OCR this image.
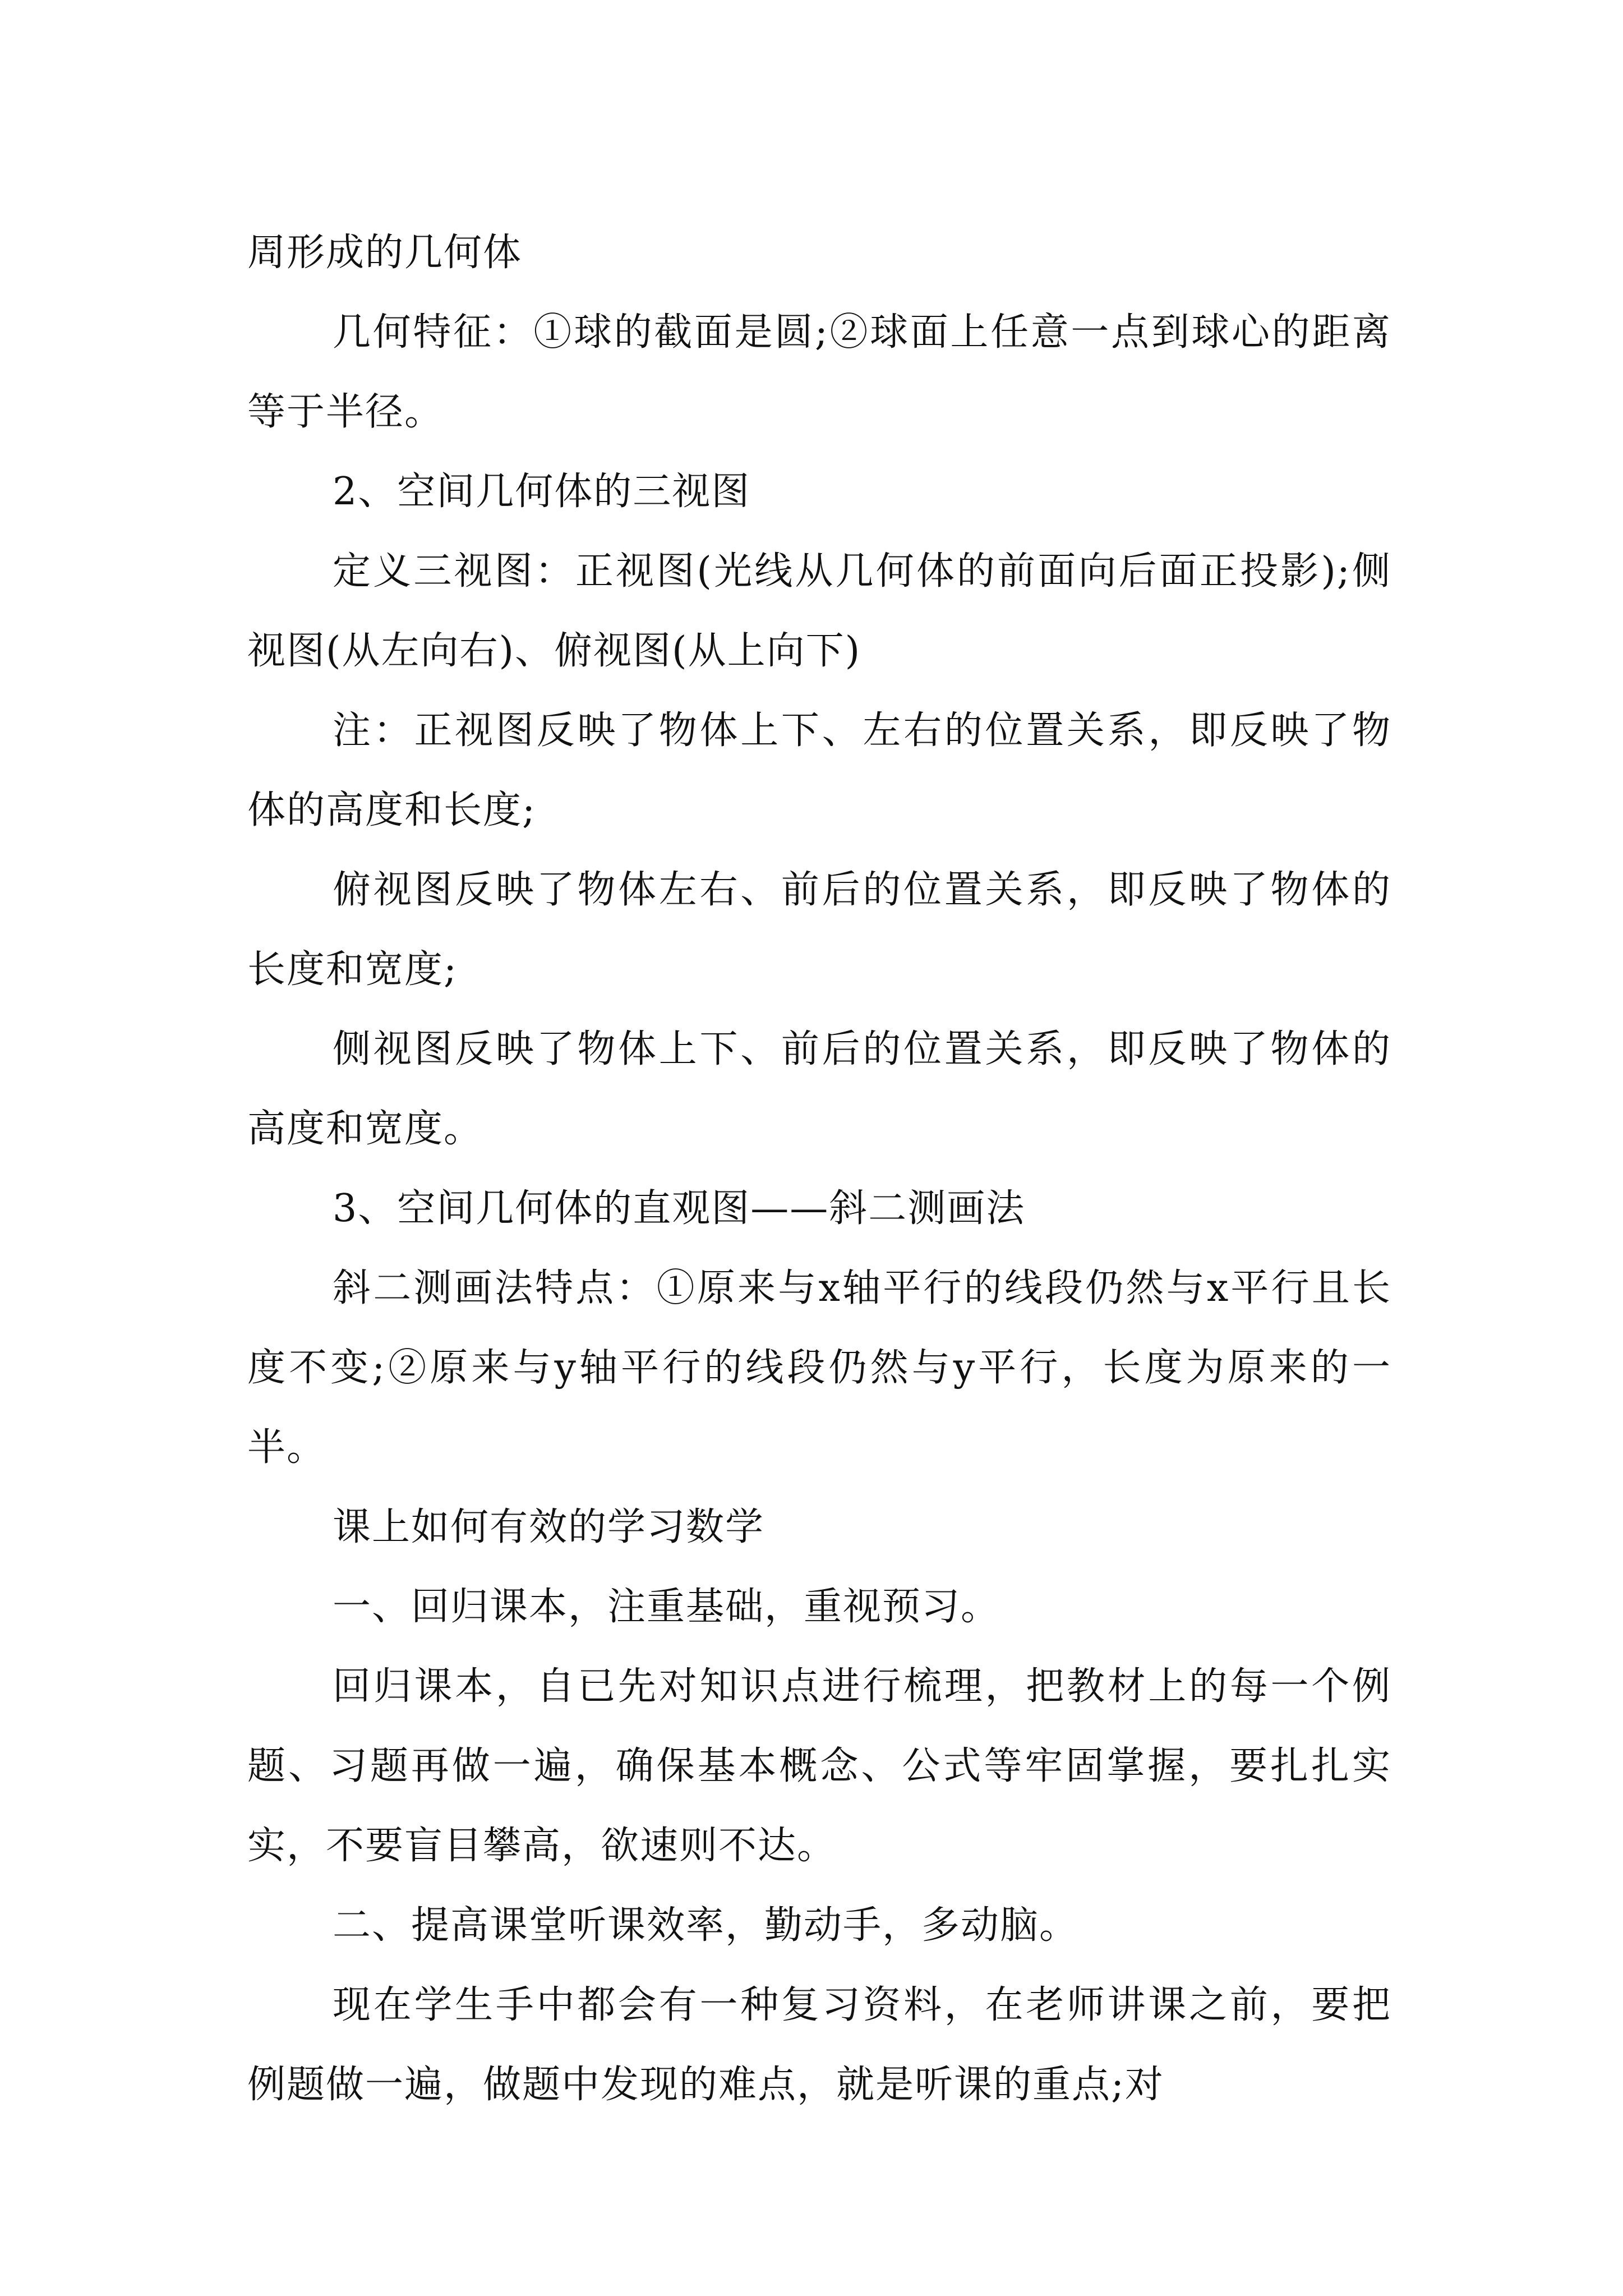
周形成的几何体

几何特征：①球的截面是圆;②球面上任意一点到球心的距离等于半径。

2、空间几何体的三视图

定义三视图：正视图(光线从几何体的前面向后面正投影);侧视图(从左向右)、俯视图(从上向下)

注：正视图反映了物体上下、左右的位置关系，即反映了物体的高度和长度;

俯视图反映了物体左右、前后的位置关系，即反映了物体的长度和宽度;

侧视图反映了物体上下、前后的位置关系，即反映了物体的高度和宽度。

3、空间几何体的直观图——斜二测画法

斜二测画法特点：①原来与x轴平行的线段仍然与x平行且长度不变;②原来与y轴平行的线段仍然与y平行，长度为原来的一半。

课上如何有效的学习数学

一、回归课本，注重基础，重视预习。

回归课本，自已先对知识点进行梳理，把教材上的每一个例题、习题再做一遍，确保基本概念、公式等牢固掌握，要扎扎实实，不要盲目攀高，欲速则不达。

二、提高课堂听课效率，勤动手，多动脑。

现在学生手中都会有一种复习资料，在老师讲课之前，要把例题做一遍，做题中发现的难点，就是听课的重点;对
